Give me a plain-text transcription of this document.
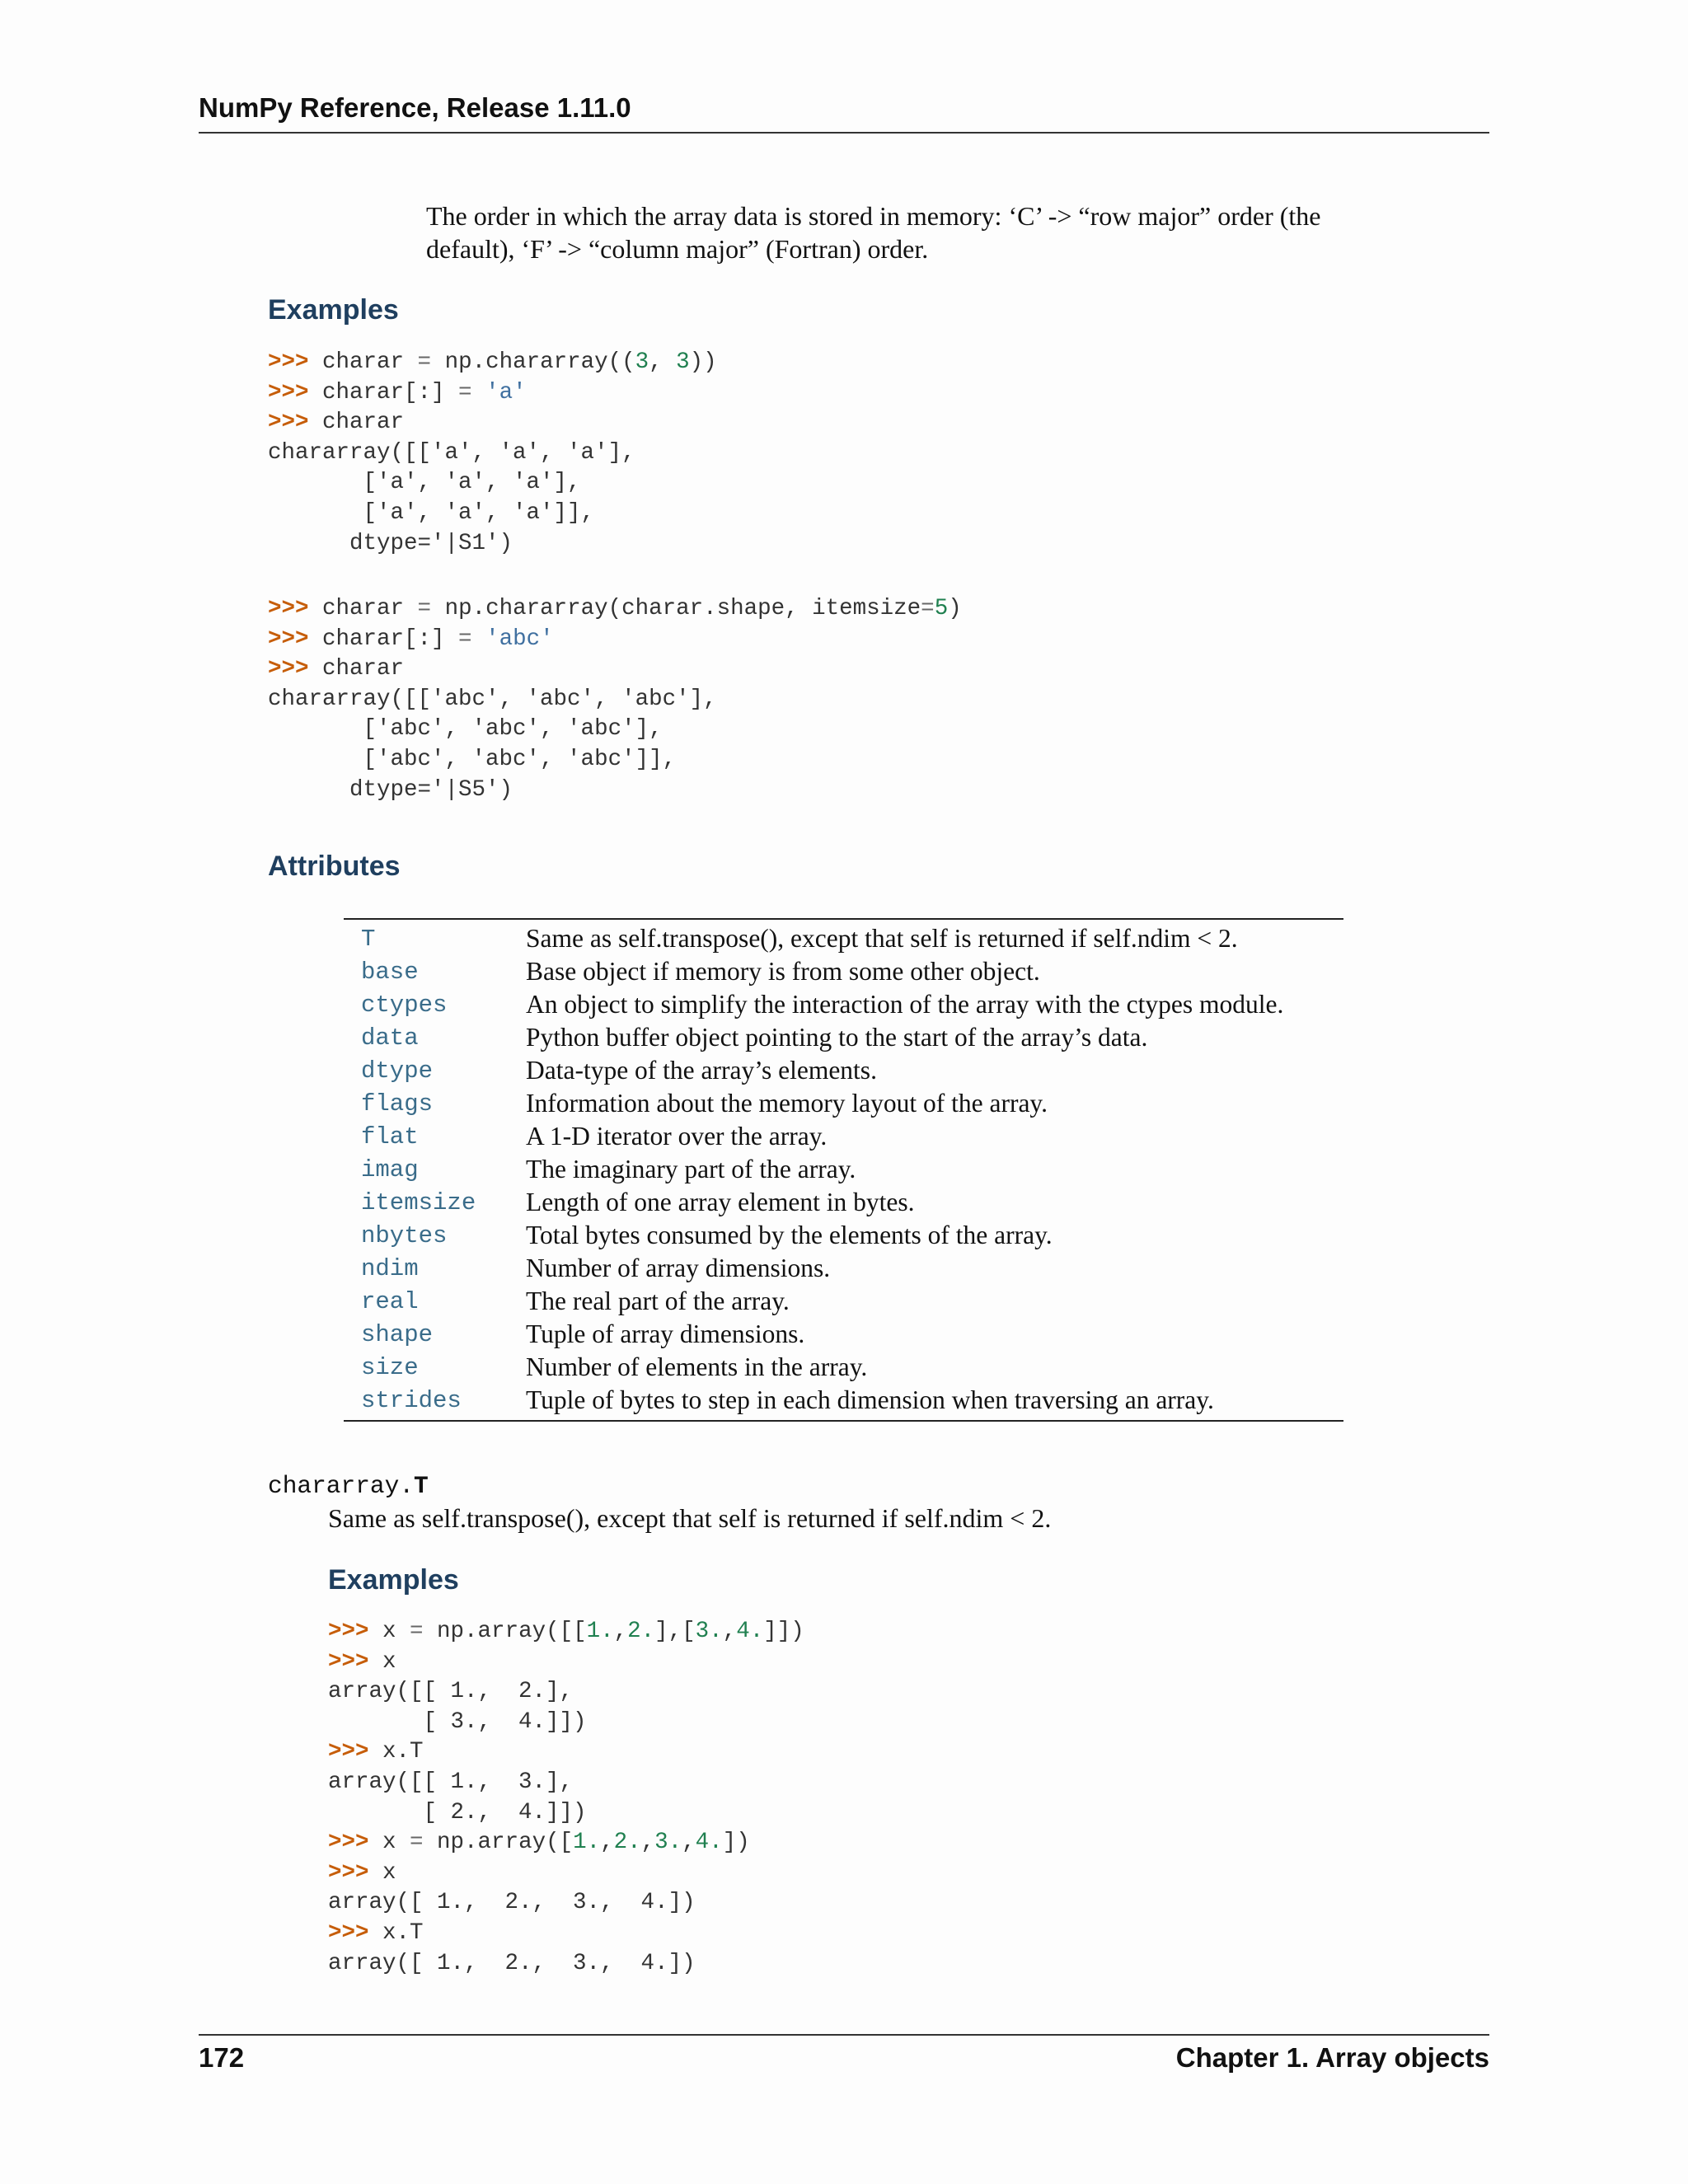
NumPy Reference, Release 1.11.0
The order in which the array data is stored in memory: ‘C’ -> “row major” order (the
default), ‘F’ -> “column major” (Fortran) order.
Examples
>>> charar = np.chararray((3, 3))
>>> charar[:] = 'a'
>>> charar
chararray([['a', 'a', 'a'],
['a', 'a', 'a'],
['a', 'a', 'a']],
dtype='|S1')
>>> charar = np.chararray(charar.shape, itemsize=5)
>>> charar[:] = 'abc'
>>> charar
chararray([['abc', 'abc', 'abc'],
['abc', 'abc', 'abc'],
['abc', 'abc', 'abc']],
dtype='|S5')
Attributes
T	Same as self.transpose(), except that self is returned if self.ndim < 2.
base	Base object if memory is from some other object.
ctypes	An object to simplify the interaction of the array with the ctypes module.
data	Python buffer object pointing to the start of the array’s data.
dtype	Data-type of the array’s elements.
flags	Information about the memory layout of the array.
flat	A 1-D iterator over the array.
imag	The imaginary part of the array.
itemsize	Length of one array element in bytes.
nbytes	Total bytes consumed by the elements of the array.
ndim	Number of array dimensions.
real	The real part of the array.
shape	Tuple of array dimensions.
size	Number of elements in the array.
strides	Tuple of bytes to step in each dimension when traversing an array.
chararray.T
Same as self.transpose(), except that self is returned if self.ndim < 2.
Examples
>>> x = np.array([[1.,2.],[3.,4.]])
>>> x
array([[ 1.,  2.],
[ 3.,  4.]])
>>> x.T
array([[ 1.,  3.],
[ 2.,  4.]])
>>> x = np.array([1.,2.,3.,4.])
>>> x
array([ 1.,  2.,  3.,  4.])
>>> x.T
array([ 1.,  2.,  3.,  4.])
172	Chapter 1. Array objects
